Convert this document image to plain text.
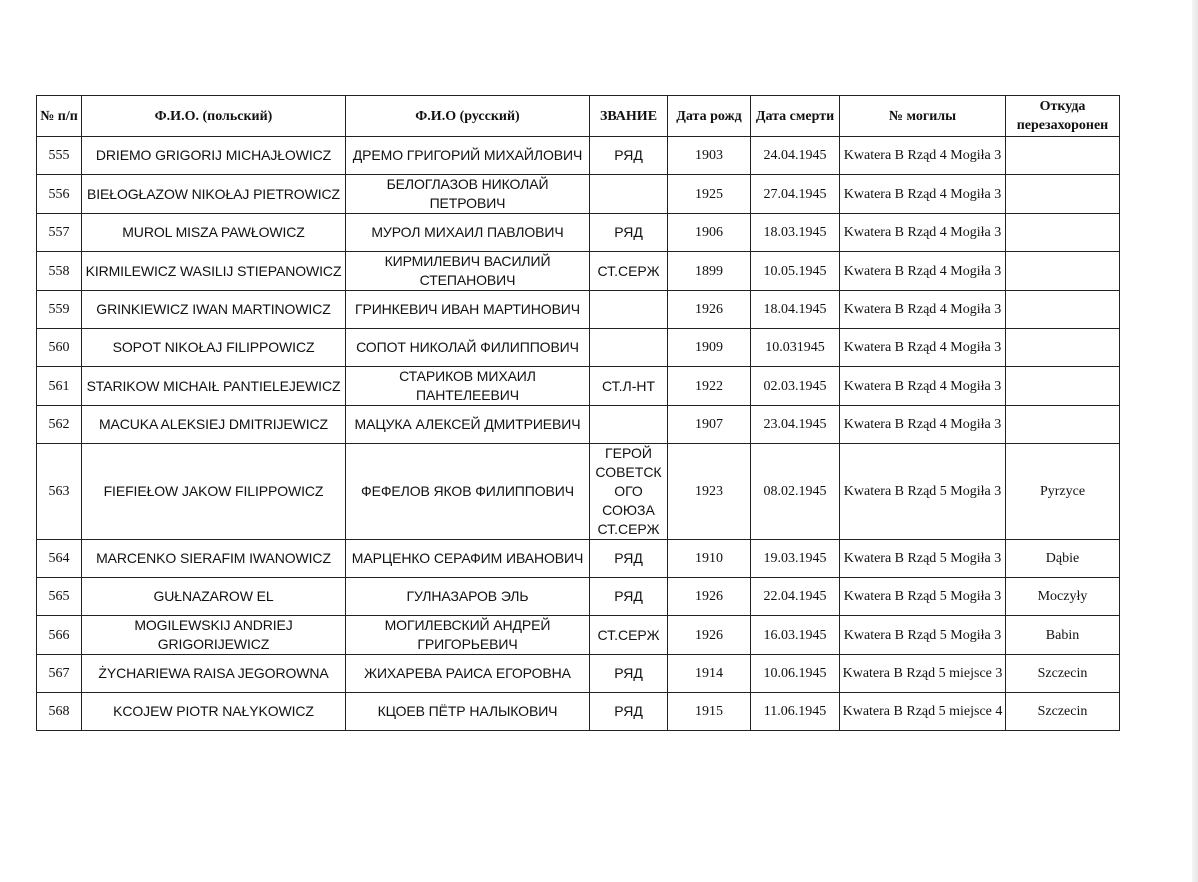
№ п/п	Ф.И.О. (польский)	Ф.И.О (русский)	ЗВАНИЕ	Дата рожд	Дата смерти	№ могилы	Откуда перезахоронен
555	DRIEMO GRIGORIJ MICHAJŁOWICZ	ДРЕМО ГРИГОРИЙ МИХАЙЛОВИЧ	РЯД	1903	24.04.1945	Kwatera B Rząd 4 Mogiła 3	
556	BIEŁOGŁAZOW NIKOŁAJ PIETROWICZ	БЕЛОГЛАЗОВ НИКОЛАЙ ПЕТРОВИЧ		1925	27.04.1945	Kwatera B Rząd 4 Mogiła 3	
557	MUROL MISZA PAWŁOWICZ	МУРОЛ МИХАИЛ ПАВЛОВИЧ	РЯД	1906	18.03.1945	Kwatera B Rząd 4 Mogiła 3	
558	KIRMILEWICZ WASILIJ STIEPANOWICZ	КИРМИЛЕВИЧ ВАСИЛИЙ СТЕПАНОВИЧ	СТ.СЕРЖ	1899	10.05.1945	Kwatera B Rząd 4 Mogiła 3	
559	GRINKIEWICZ IWAN MARTINOWICZ	ГРИНКЕВИЧ ИВАН МАРТИНОВИЧ		1926	18.04.1945	Kwatera B Rząd 4 Mogiła 3	
560	SOPOT NIKOŁAJ FILIPPOWICZ	СОПОТ НИКОЛАЙ ФИЛИППОВИЧ		1909	10.031945	Kwatera B Rząd 4 Mogiła 3	
561	STARIKOW MICHAIŁ PANTIELEJEWICZ	СТАРИКОВ МИХАИЛ ПАНТЕЛЕЕВИЧ	СТ.Л-НТ	1922	02.03.1945	Kwatera B Rząd 4 Mogiła 3	
562	MACUKA ALEKSIEJ DMITRIJEWICZ	МАЦУКА АЛЕКСЕЙ ДМИТРИЕВИЧ		1907	23.04.1945	Kwatera B Rząd 4 Mogiła 3	
563	FIEFIEŁOW JAKOW FILIPPOWICZ	ФЕФЕЛОВ ЯКОВ ФИЛИППОВИЧ	ГЕРОЙ СОВЕТСК ОГО СОЮЗА СТ.СЕРЖ	1923	08.02.1945	Kwatera B Rząd 5 Mogiła 3	Pyrzyce
564	MARCENKO SIERAFIM IWANOWICZ	МАРЦЕНКО СЕРАФИМ ИВАНОВИЧ	РЯД	1910	19.03.1945	Kwatera B Rząd 5 Mogiła 3	Dąbie
565	GUŁNAZAROW EL	ГУЛНАЗАРОВ ЭЛЬ	РЯД	1926	22.04.1945	Kwatera B Rząd 5 Mogiła 3	Moczyły
566	MOGILEWSKIJ ANDRIEJ GRIGORIJEWICZ	МОГИЛЕВСКИЙ АНДРЕЙ ГРИГОРЬЕВИЧ	СТ.СЕРЖ	1926	16.03.1945	Kwatera B Rząd 5 Mogiła 3	Babin
567	ŻYCHARIEWA RAISA JEGOROWNA	ЖИХАРЕВА РАИСА ЕГОРОВНА	РЯД	1914	10.06.1945	Kwatera B Rząd 5 miejsce 3	Szczecin
568	KCOJEW PIOTR NAŁYKOWICZ	КЦОЕВ ПЁТР НАЛЫКОВИЧ	РЯД	1915	11.06.1945	Kwatera B Rząd 5 miejsce 4	Szczecin
